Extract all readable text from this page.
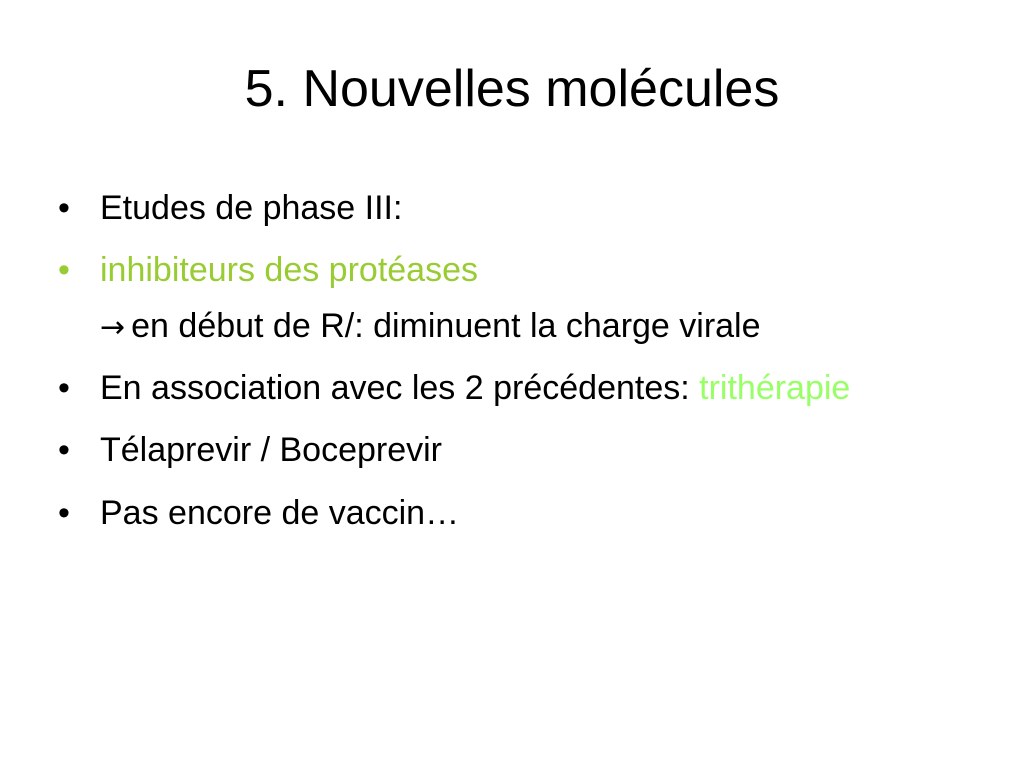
5. Nouvelles molécules
• Etudes de phase III:
• inhibiteurs des protéases
→ en début de R/: diminuent la charge virale
• En association avec les 2 précédentes: trithérapie
• Télaprevir / Boceprevir
• Pas encore de vaccin…
